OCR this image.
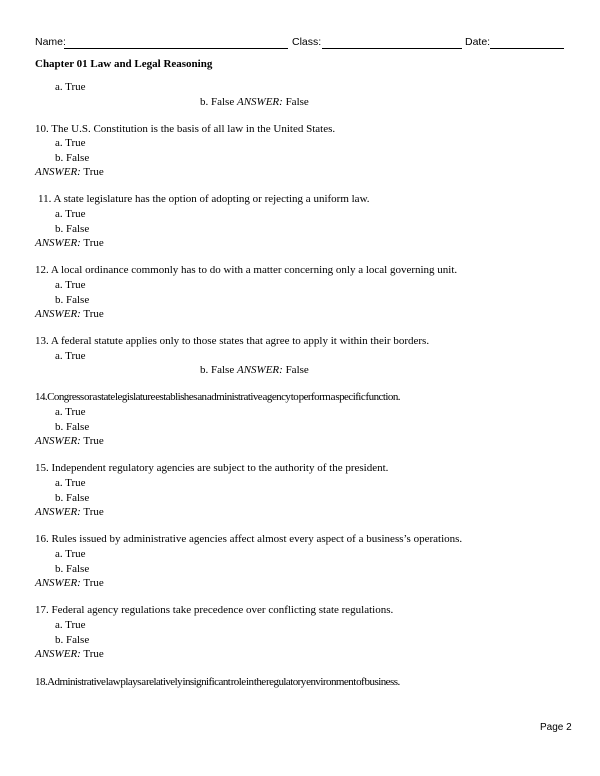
Name:	Class:	Date:
Chapter 01 Law and Legal Reasoning
a. True
b. False ANSWER: False
10. The U.S. Constitution is the basis of all law in the United States.
a. True
b. False
ANSWER: True
11. A state legislature has the option of adopting or rejecting a uniform law.
a. True
b. False
ANSWER: True
12. A local ordinance commonly has to do with a matter concerning only a local governing unit.
a. True
b. False
ANSWER: True
13. A federal statute applies only to those states that agree to apply it within their borders.
a. True
b. False ANSWER: False
14.Congress or a state legislature establishes an administrative agency to perform a specific function.
a. True
b. False
ANSWER: True
15. Independent regulatory agencies are subject to the authority of the president.
a. True
b. False
ANSWER: True
16. Rules issued by administrative agencies affect almost every aspect of a business’s operations.
a. True
b. False
ANSWER: True
17. Federal agency regulations take precedence over conflicting state regulations.
a. True
b. False
ANSWER: True
18.Administrative law plays a relatively insignificant role in the regulatory environment of business.
Page 2
